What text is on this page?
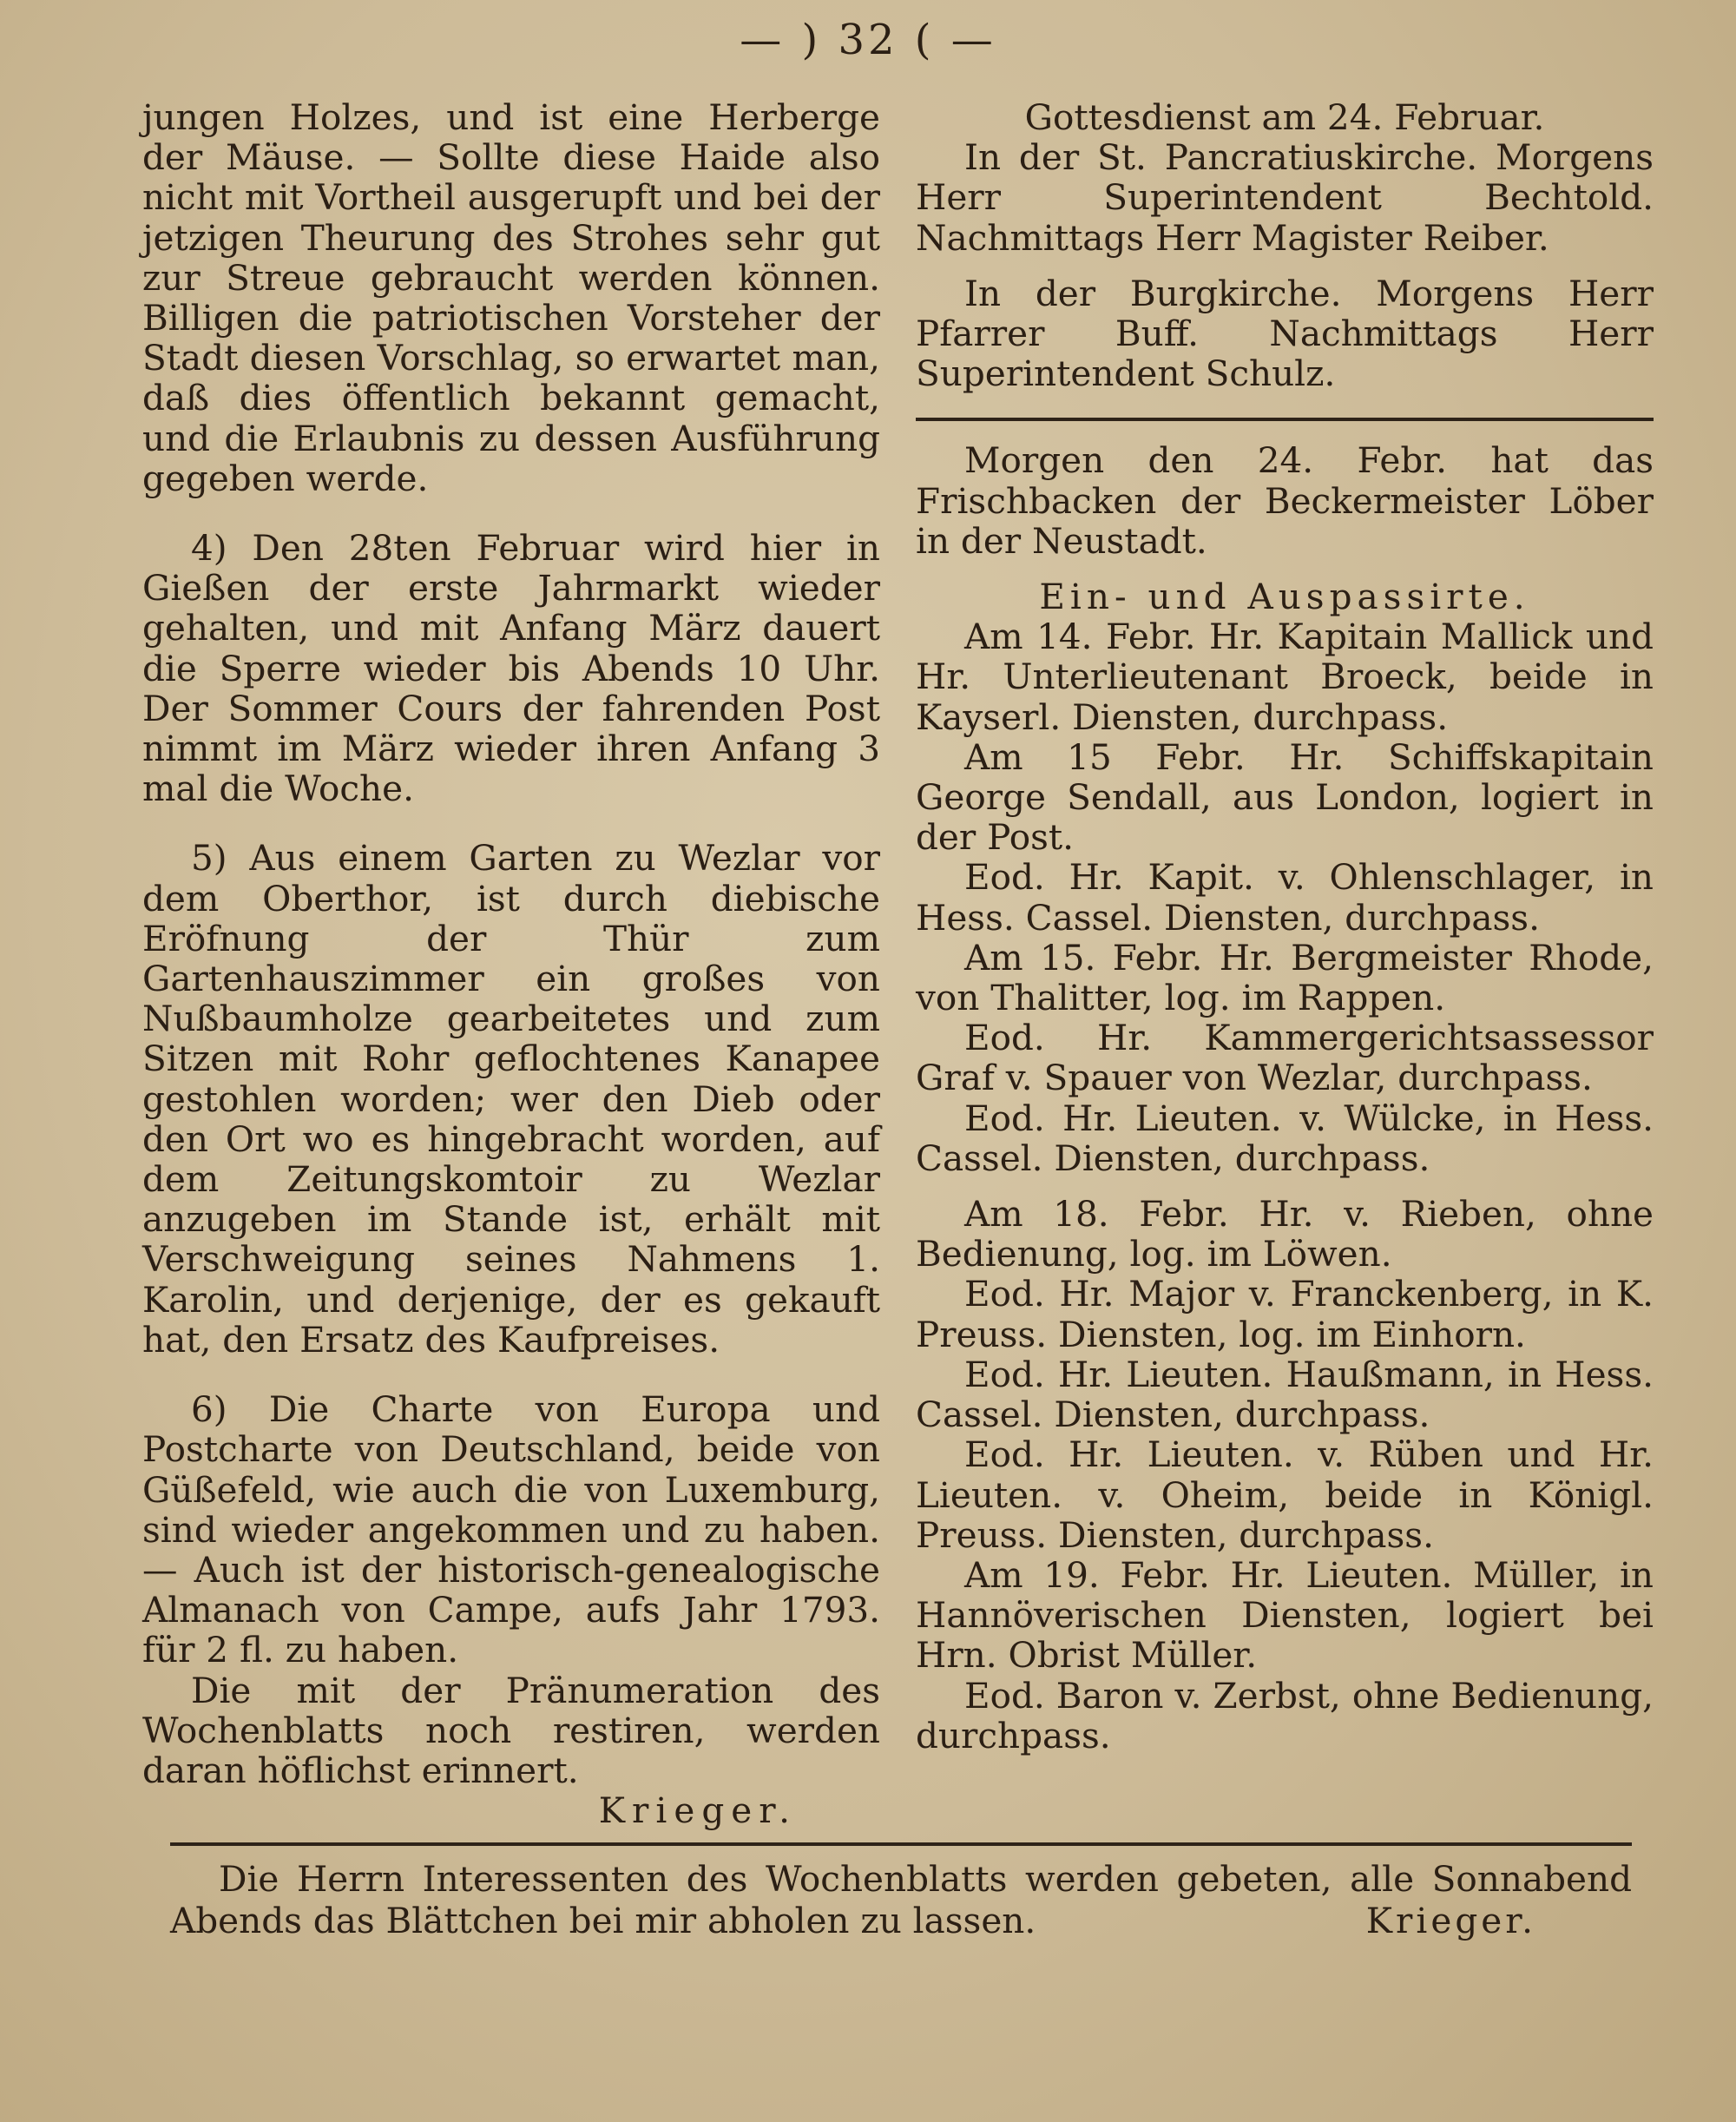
— ) 32 ( —

jungen Holzes, und ist eine Herberge der Mäuse. — Sollte diese Haide also nicht mit Vortheil ausgerupft und bei der jetzigen Theurung des Strohes sehr gut zur Streue gebraucht werden können. Billigen die patriotischen Vorsteher der Stadt diesen Vorschlag, so erwartet man, daß dies öffentlich bekannt gemacht, und die Erlaubnis zu dessen Ausführung gegeben werde.

4) Den 28ten Februar wird hier in Gießen der erste Jahrmarkt wieder gehalten, und mit Anfang März dauert die Sperre wieder bis Abends 10 Uhr. Der Sommer Cours der fahrenden Post nimmt im März wieder ihren Anfang 3 mal die Woche.

5) Aus einem Garten zu Wezlar vor dem Oberthor, ist durch diebische Eröfnung der Thür zum Gartenhauszimmer ein großes von Nußbaumholze gearbeitetes und zum Sitzen mit Rohr geflochtenes Kanapee gestohlen worden; wer den Dieb oder den Ort wo es hingebracht worden, auf dem Zeitungskomtoir zu Wezlar anzugeben im Stande ist, erhält mit Verschweigung seines Nahmens 1. Karolin, und derjenige, der es gekauft hat, den Ersatz des Kaufpreises.

6) Die Charte von Europa und Postcharte von Deutschland, beide von Güßefeld, wie auch die von Luxemburg, sind wieder angekommen und zu haben. — Auch ist der historisch-genealogische Almanach von Campe, aufs Jahr 1793. für 2 fl. zu haben.

Die mit der Pränumeration des Wochenblatts noch restiren, werden daran höflichst erinnert.

Krieger.

Gottesdienst am 24. Februar.

In der St. Pancratiuskirche. Morgens Herr Superintendent Bechtold. Nachmittags Herr Magister Reiber.

In der Burgkirche. Morgens Herr Pfarrer Buff. Nachmittags Herr Superintendent Schulz.

Morgen den 24. Febr. hat das Frischbacken der Beckermeister Löber in der Neustadt.

Ein- und Auspassirte.

Am 14. Febr. Hr. Kapitain Mallick und Hr. Unterlieutenant Broeck, beide in Kayserl. Diensten, durchpass.

Am 15 Febr. Hr. Schiffskapitain George Sendall, aus London, logiert in der Post.

Eod. Hr. Kapit. v. Ohlenschlager, in Hess. Cassel. Diensten, durchpass.

Am 15. Febr. Hr. Bergmeister Rhode, von Thalitter, log. im Rappen.

Eod. Hr. Kammergerichtsassessor Graf v. Spauer von Wezlar, durchpass.

Eod. Hr. Lieuten. v. Wülcke, in Hess. Cassel. Diensten, durchpass.

Am 18. Febr. Hr. v. Rieben, ohne Bedienung, log. im Löwen.

Eod. Hr. Major v. Franckenberg, in K. Preuss. Diensten, log. im Einhorn.

Eod. Hr. Lieuten. Haußmann, in Hess. Cassel. Diensten, durchpass.

Eod. Hr. Lieuten. v. Rüben und Hr. Lieuten. v. Oheim, beide in Königl. Preuss. Diensten, durchpass.

Am 19. Febr. Hr. Lieuten. Müller, in Hannöverischen Diensten, logiert bei Hrn. Obrist Müller.

Eod. Baron v. Zerbst, ohne Bedienung, durchpass.

Die Herrn Interessenten des Wochenblatts werden gebeten, alle Sonnabend Abends das Blättchen bei mir abholen zu lassen.	Krieger.
